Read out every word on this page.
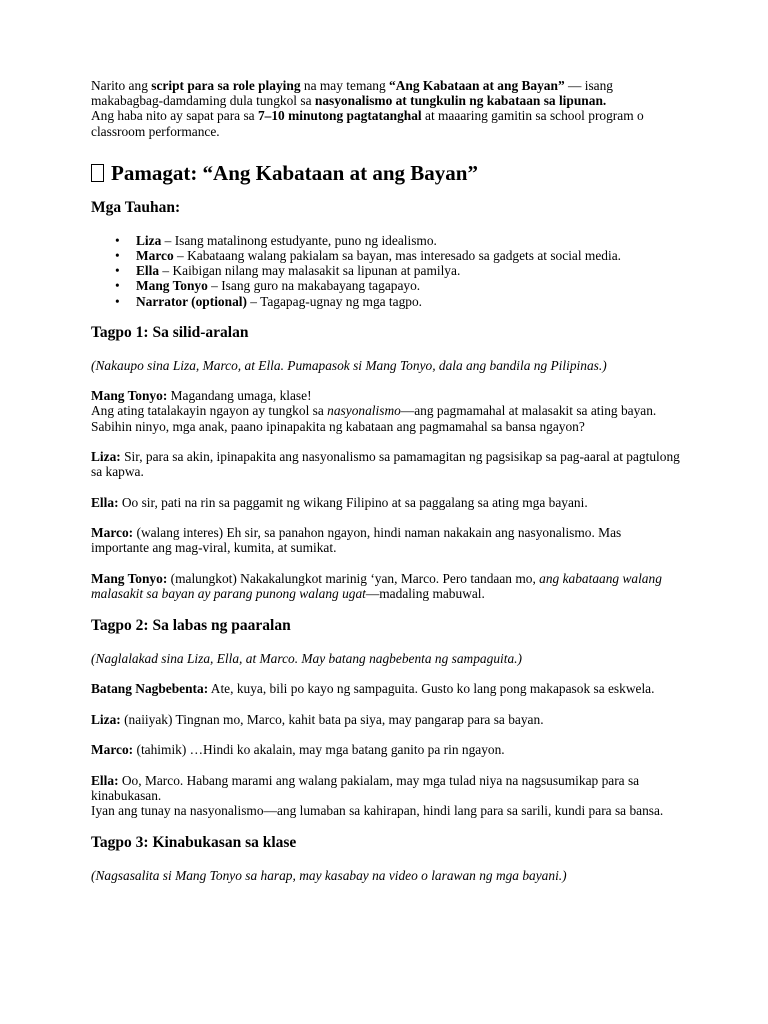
Narito ang script para sa role playing na may temang “Ang Kabataan at ang Bayan” — isang makabagbag-damdaming dula tungkol sa nasyonalismo at tungkulin ng kabataan sa lipunan.
Ang haba nito ay sapat para sa 7–10 minutong pagtatanghal at maaaring gamitin sa school program o classroom performance.

Pamagat: “Ang Kabataan at ang Bayan”
Mga Tauhan:
• Liza – Isang matalinong estudyante, puno ng idealismo.
• Marco – Kabataang walang pakialam sa bayan, mas interesado sa gadgets at social media.
• Ella – Kaibigan nilang may malasakit sa lipunan at pamilya.
• Mang Tonyo – Isang guro na makabayang tagapayo.
• Narrator (optional) – Tagapag-ugnay ng mga tagpo.
Tagpo 1: Sa silid-aralan

(Nakaupo sina Liza, Marco, at Ella. Pumapasok si Mang Tonyo, dala ang bandila ng Pilipinas.)

Mang Tonyo: Magandang umaga, klase!
Ang ating tatalakayin ngayon ay tungkol sa nasyonalismo—ang pagmamahal at malasakit sa ating bayan.
Sabihin ninyo, mga anak, paano ipinapakita ng kabataan ang pagmamahal sa bansa ngayon?

Liza: Sir, para sa akin, ipinapakita ang nasyonalismo sa pamamagitan ng pagsisikap sa pag-aaral at pagtulong sa kapwa.

Ella: Oo sir, pati na rin sa paggamit ng wikang Filipino at sa paggalang sa ating mga bayani.

Marco: (walang interes) Eh sir, sa panahon ngayon, hindi naman nakakain ang nasyonalismo. Mas importante ang mag-viral, kumita, at sumikat.

Mang Tonyo: (malungkot) Nakakalungkot marinig ‘yan, Marco. Pero tandaan mo, ang kabataang walang malasakit sa bayan ay parang punong walang ugat—madaling mabuwal.

Tagpo 2: Sa labas ng paaralan

(Naglalakad sina Liza, Ella, at Marco. May batang nagbebenta ng sampaguita.)

Batang Nagbebenta: Ate, kuya, bili po kayo ng sampaguita. Gusto ko lang pong makapasok sa eskwela.

Liza: (naiiyak) Tingnan mo, Marco, kahit bata pa siya, may pangarap para sa bayan.

Marco: (tahimik) …Hindi ko akalain, may mga batang ganito pa rin ngayon.

Ella: Oo, Marco. Habang marami ang walang pakialam, may mga tulad niya na nagsusumikap para sa kinabukasan.
Iyan ang tunay na nasyonalismo—ang lumaban sa kahirapan, hindi lang para sa sarili, kundi para sa bansa.

Tagpo 3: Kinabukasan sa klase

(Nagsasalita si Mang Tonyo sa harap, may kasabay na video o larawan ng mga bayani.)
